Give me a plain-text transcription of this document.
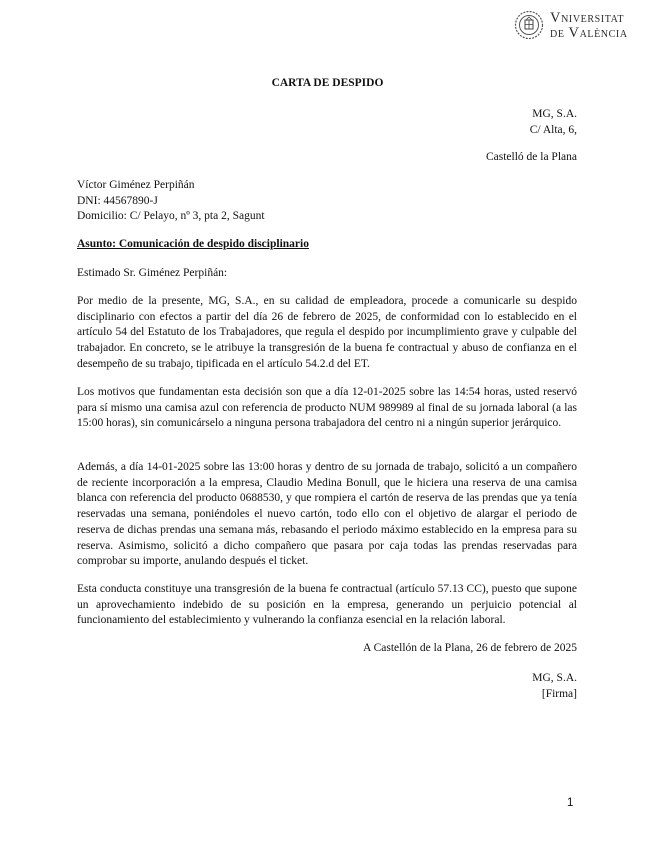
Vniversitat
de València
CARTA DE DESPIDO
MG, S.A.
C/ Alta, 6,
Castelló de la Plana
Víctor Giménez Perpiñán
DNI: 44567890-J
Domicilio: C/ Pelayo, nº 3, pta 2, Sagunt
Asunto: Comunicación de despido disciplinario
Estimado Sr. Giménez Perpiñán:
Por medio de la presente, MG, S.A., en su calidad de empleadora, procede a comunicarle su despido disciplinario con efectos a partir del día 26 de febrero de 2025, de conformidad con lo establecido en el artículo 54 del Estatuto de los Trabajadores, que regula el despido por incumplimiento grave y culpable del trabajador. En concreto, se le atribuye la transgresión de la buena fe contractual y abuso de confianza en el desempeño de su trabajo, tipificada en el artículo 54.2.d del ET.
Los motivos que fundamentan esta decisión son que a día 12-01-2025 sobre las 14:54 horas, usted reservó para sí mismo una camisa azul con referencia de producto NUM 989989 al final de su jornada laboral (a las 15:00 horas), sin comunicárselo a ninguna persona trabajadora del centro ni a ningún superior jerárquico.
Además, a día 14-01-2025 sobre las 13:00 horas y dentro de su jornada de trabajo, solicitó a un compañero de reciente incorporación a la empresa, Claudio Medina Bonull, que le hiciera una reserva de una camisa blanca con referencia del producto 0688530, y que rompiera el cartón de reserva de las prendas que ya tenía reservadas una semana, poniéndoles el nuevo cartón, todo ello con el objetivo de alargar el periodo de reserva de dichas prendas una semana más, rebasando el periodo máximo establecido en la empresa para su reserva. Asimismo, solicitó a dicho compañero que pasara por caja todas las prendas reservadas para comprobar su importe, anulando después el ticket.
Esta conducta constituye una transgresión de la buena fe contractual (artículo 57.13 CC), puesto que supone un aprovechamiento indebido de su posición en la empresa, generando un perjuicio potencial al funcionamiento del establecimiento y vulnerando la confianza esencial en la relación laboral.
A Castellón de la Plana, 26 de febrero de 2025
MG, S.A.
[Firma]
1
